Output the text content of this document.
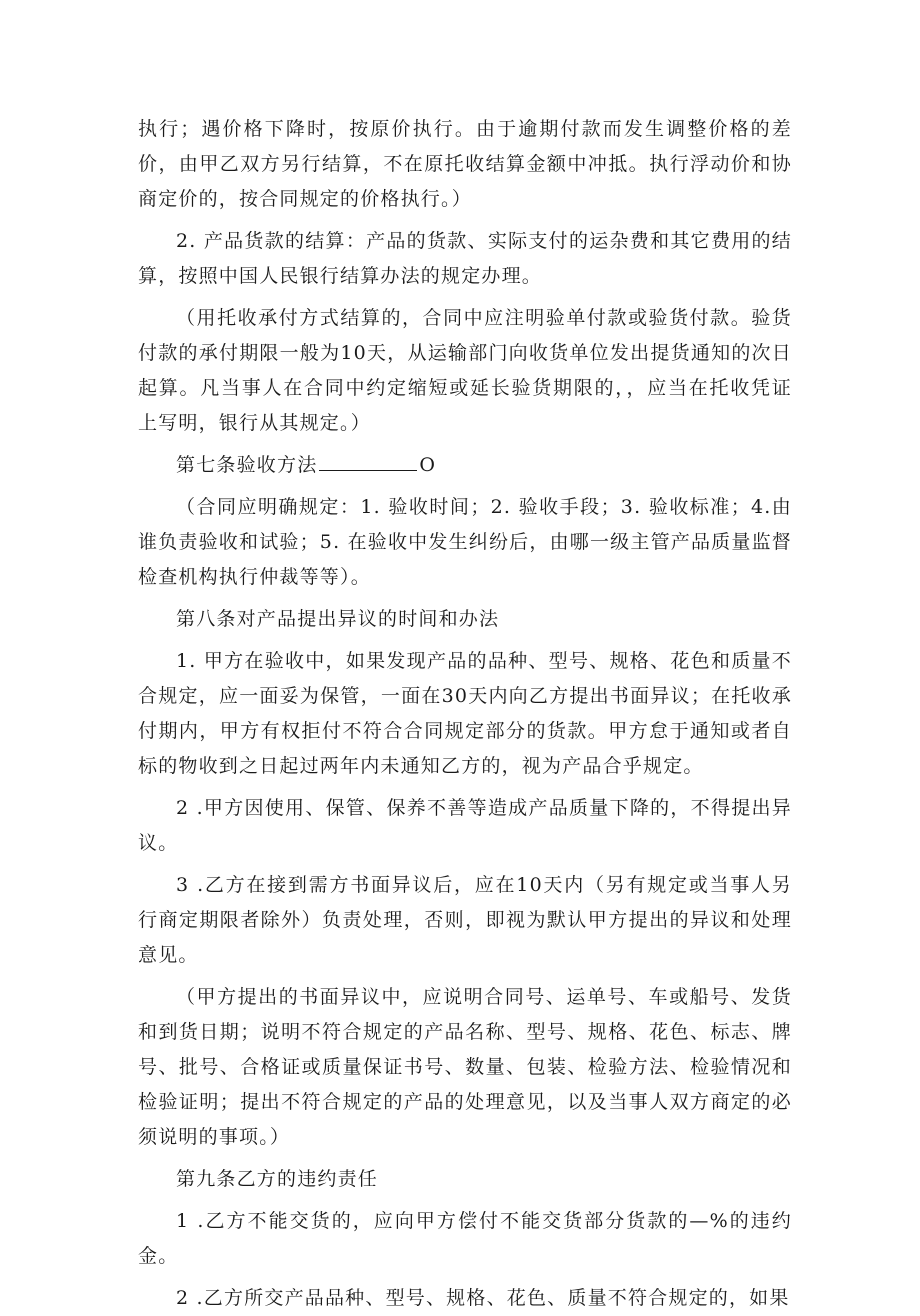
执行；遇价格下降时，按原价执行。由于逾期付款而发生调整价格的差价，由甲乙双方另行结算，不在原托收结算金额中冲抵。执行浮动价和协商定价的，按合同规定的价格执行。）

2. 产品货款的结算：产品的货款、实际支付的运杂费和其它费用的结算，按照中国人民银行结算办法的规定办理。

（用托收承付方式结算的，合同中应注明验单付款或验货付款。验货付款的承付期限一般为10天，从运输部门向收货单位发出提货通知的次日起算。凡当事人在合同中约定缩短或延长验货期限的，，应当在托收凭证上写明，银行从其规定。）

第七条验收方法	O

（合同应明确规定：1. 验收时间；2. 验收手段；3. 验收标准；4.由谁负责验收和试验；5. 在验收中发生纠纷后，由哪一级主管产品质量监督检查机构执行仲裁等等）。

第八条对产品提出异议的时间和办法

1. 甲方在验收中，如果发现产品的品种、型号、规格、花色和质量不合规定，应一面妥为保管，一面在30天内向乙方提出书面异议；在托收承付期内，甲方有权拒付不符合合同规定部分的货款。甲方怠于通知或者自标的物收到之日起过两年内未通知乙方的，视为产品合乎规定。

2 .甲方因使用、保管、保养不善等造成产品质量下降的，不得提出异议。

3 .乙方在接到需方书面异议后，应在10天内（另有规定或当事人另行商定期限者除外）负责处理，否则，即视为默认甲方提出的异议和处理意见。

（甲方提出的书面异议中，应说明合同号、运单号、车或船号、发货和到货日期；说明不符合规定的产品名称、型号、规格、花色、标志、牌号、批号、合格证或质量保证书号、数量、包装、检验方法、检验情况和检验证明；提出不符合规定的产品的处理意见，以及当事人双方商定的必须说明的事项。）

第九条乙方的违约责任

1 .乙方不能交货的，应向甲方偿付不能交货部分货款的—%的违约金。

2 .乙方所交产品品种、型号、规格、花色、质量不符合规定的，如果
